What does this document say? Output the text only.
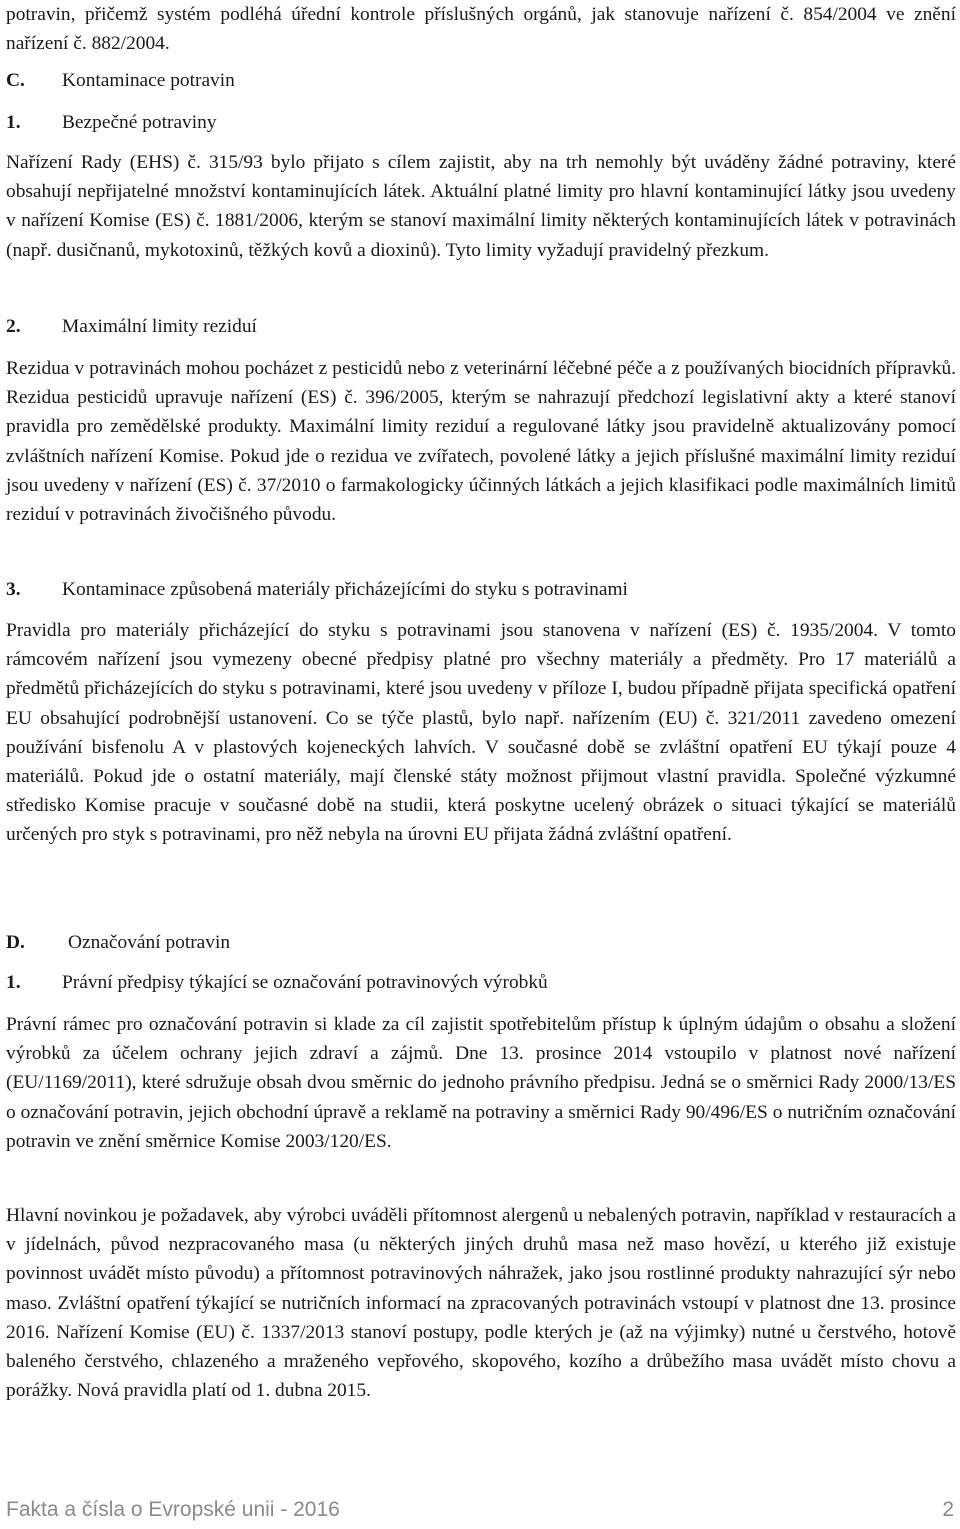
potravin, přičemž systém podléhá úřední kontrole příslušných orgánů, jak stanovuje nařízení č. 854/2004 ve znění nařízení č. 882/2004.

C. Kontaminace potravin
1. Bezpečné potraviny

Nařízení Rady (EHS) č. 315/93 bylo přijato s cílem zajistit, aby na trh nemohly být uváděny žádné potraviny, které obsahují nepřijatelné množství kontaminujících látek. Aktuální platné limity pro hlavní kontaminující látky jsou uvedeny v nařízení Komise (ES) č. 1881/2006, kterým se stanoví maximální limity některých kontaminujících látek v potravinách (např. dusičnanů, mykotoxinů, těžkých kovů a dioxinů). Tyto limity vyžadují pravidelný přezkum.

2. Maximální limity reziduí

Rezidua v potravinách mohou pocházet z pesticidů nebo z veterinární léčebné péče a z používaných biocidních přípravků. Rezidua pesticidů upravuje nařízení (ES) č. 396/2005, kterým se nahrazují předchozí legislativní akty a které stanoví pravidla pro zemědělské produkty. Maximální limity reziduí a regulované látky jsou pravidelně aktualizovány pomocí zvláštních nařízení Komise. Pokud jde o rezidua ve zvířatech, povolené látky a jejich příslušné maximální limity reziduí jsou uvedeny v nařízení (ES) č. 37/2010 o farmakologicky účinných látkách a jejich klasifikaci podle maximálních limitů reziduí v potravinách živočišného původu.

3. Kontaminace způsobená materiály přicházejícími do styku s potravinami

Pravidla pro materiály přicházející do styku s potravinami jsou stanovena v nařízení (ES) č. 1935/2004. V tomto rámcovém nařízení jsou vymezeny obecné předpisy platné pro všechny materiály a předměty. Pro 17 materiálů a předmětů přicházejících do styku s potravinami, které jsou uvedeny v příloze I, budou případně přijata specifická opatření EU obsahující podrobnější ustanovení. Co se týče plastů, bylo např. nařízením (EU) č. 321/2011 zavedeno omezení používání bisfenolu A v plastových kojeneckých lahvích. V současné době se zvláštní opatření EU týkají pouze 4 materiálů. Pokud jde o ostatní materiály, mají členské státy možnost přijmout vlastní pravidla. Společné výzkumné středisko Komise pracuje v současné době na studii, která poskytne ucelený obrázek o situaci týkající se materiálů určených pro styk s potravinami, pro něž nebyla na úrovni EU přijata žádná zvláštní opatření.

D. Označování potravin
1. Právní předpisy týkající se označování potravinových výrobků

Právní rámec pro označování potravin si klade za cíl zajistit spotřebitelům přístup k úplným údajům o obsahu a složení výrobků za účelem ochrany jejich zdraví a zájmů. Dne 13. prosince 2014 vstoupilo v platnost nové nařízení (EU/1169/2011), které sdružuje obsah dvou směrnic do jednoho právního předpisu. Jedná se o směrnici Rady 2000/13/ES o označování potravin, jejich obchodní úpravě a reklamě na potraviny a směrnici Rady 90/496/ES o nutričním označování potravin ve znění směrnice Komise 2003/120/ES.

Hlavní novinkou je požadavek, aby výrobci uváděli přítomnost alergenů u nebalených potravin, například v restauracích a v jídelnách, původ nezpracovaného masa (u některých jiných druhů masa než maso hovězí, u kterého již existuje povinnost uvádět místo původu) a přítomnost potravinových náhražek, jako jsou rostlinné produkty nahrazující sýr nebo maso. Zvláštní opatření týkající se nutričních informací na zpracovaných potravinách vstoupí v platnost dne 13. prosince 2016. Nařízení Komise (EU) č. 1337/2013 stanoví postupy, podle kterých je (až na výjimky) nutné u čerstvého, hotově baleného čerstvého, chlazeného a mraženého vepřového, skopového, kozího a drůbežího masa uvádět místo chovu a porážky. Nová pravidla platí od 1. dubna 2015.

Fakta a čísla o Evropské unii - 2016	2
